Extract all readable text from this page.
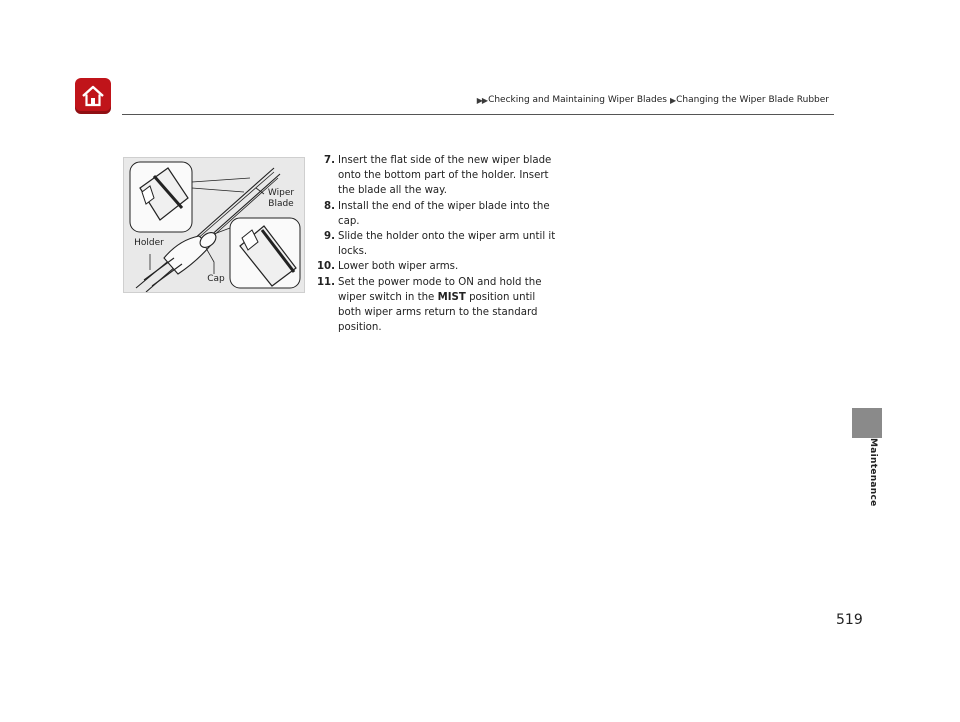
▶▶ Checking and Maintaining Wiper Blades ▶ Changing the Wiper Blade Rubber
Wiper
Blade
Holder
Cap
7. Insert the flat side of the new wiper blade onto the bottom part of the holder. Insert the blade all the way.
8. Install the end of the wiper blade into the cap.
9. Slide the holder onto the wiper arm until it locks.
10. Lower both wiper arms.
11. Set the power mode to ON and hold the wiper switch in the MIST position until both wiper arms return to the standard position.
Maintenance
519
